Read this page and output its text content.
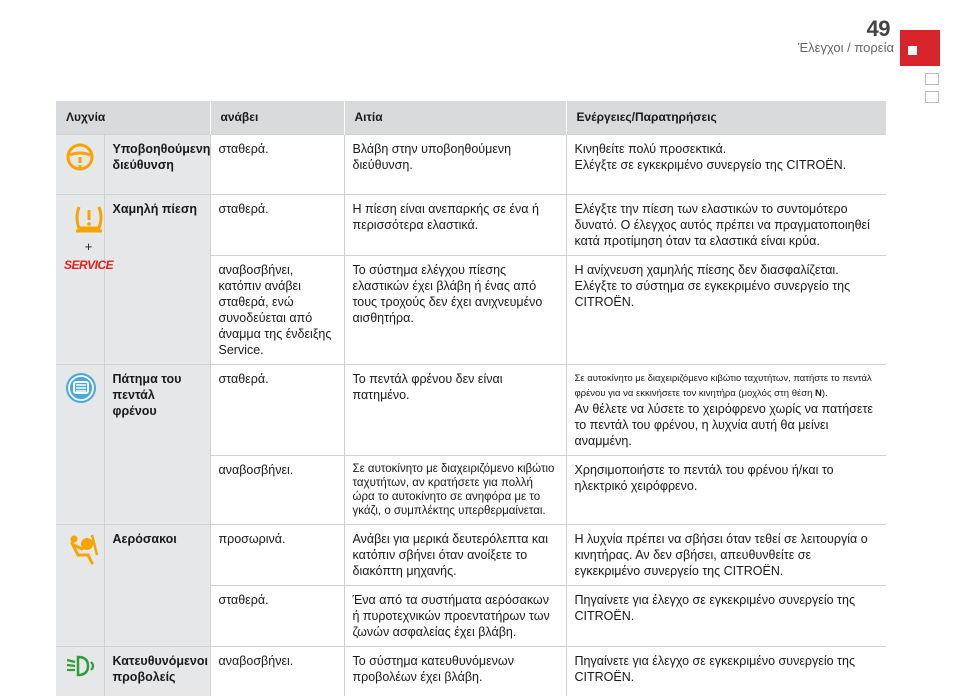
49
Έλεγχοι / πορεία
Λυχνία		ανάβει	Αιτία	Ενέργειες/Παρατηρήσεις
	Υποβοηθούμενη διεύθυνση	σταθερά.	Βλάβη στην υποβοηθούμενη διεύθυνση.	Κινηθείτε πολύ προσεκτικά.
Ελέγξτε σε εγκεκριμένο συνεργείο της CITROËN.

+
SERVICE	Χαμηλή πίεση	σταθερά.	Η πίεση είναι ανεπαρκής σε ένα ή περισσότερα ελαστικά.	Ελέγξτε την πίεση των ελαστικών το συντομότερο δυνατό. Ο έλεγχος αυτός πρέπει να πραγματοποιηθεί κατά προτίμηση όταν τα ελαστικά είναι κρύα.
		αναβοσβήνει, κατόπιν ανάβει σταθερά, ενώ συνοδεύεται από άναμμα της ένδειξης Service.	Το σύστημα ελέγχου πίεσης ελαστικών έχει βλάβη ή ένας από τους τροχούς δεν έχει ανιχνευμένο αισθητήρα.	Η ανίχνευση χαμηλής πίεσης δεν διασφαλίζεται. Ελέγξτε το σύστημα σε εγκεκριμένο συνεργείο της CITROËN.
	Πάτημα του πεντάλ φρένου	σταθερά.	Το πεντάλ φρένου δεν είναι πατημένο.	Σε αυτοκίνητο με διαχειριζόμενο κιβώτιο ταχυτήτων, πατήστε το πεντάλ φρένου για να εκκινήσετε τον κινητήρα (μοχλός στη θέση N).
Αν θέλετε να λύσετε το χειρόφρενο χωρίς να πατήσετε το πεντάλ του φρένου, η λυχνία αυτή θα μείνει αναμμένη.

		αναβοσβήνει.	Σε αυτοκίνητο με διαχειριζόμενο κιβώτιο ταχυτήτων, αν κρατήσετε για πολλή ώρα το αυτοκίνητο σε ανηφόρα με το γκάζι, ο συμπλέκτης υπερθερμαίνεται.	Χρησιμοποιήστε το πεντάλ του φρένου ή/και το ηλεκτρικό χειρόφρενο.
	Αερόσακοι	προσωρινά.	Ανάβει για μερικά δευτερόλεπτα και κατόπιν σβήνει όταν ανοίξετε το διακόπτη μηχανής.	Η λυχνία πρέπει να σβήσει όταν τεθεί σε λειτουργία ο κινητήρας. Αν δεν σβήσει, απευθυνθείτε σε εγκεκριμένο συνεργείο της CITROËN.
		σταθερά.	Ένα από τα συστήματα αερόσακων ή πυροτεχνικών προεντατήρων των ζωνών ασφαλείας έχει βλάβη.	Πηγαίνετε για έλεγχο σε εγκεκριμένο συνεργείο της CITROËN.
	Κατευθυνόμενοι προβολείς	αναβοσβήνει.	Το σύστημα κατευθυνόμενων προβολέων έχει βλάβη.	Πηγαίνετε για έλεγχο σε εγκεκριμένο συνεργείο της CITROËN.
